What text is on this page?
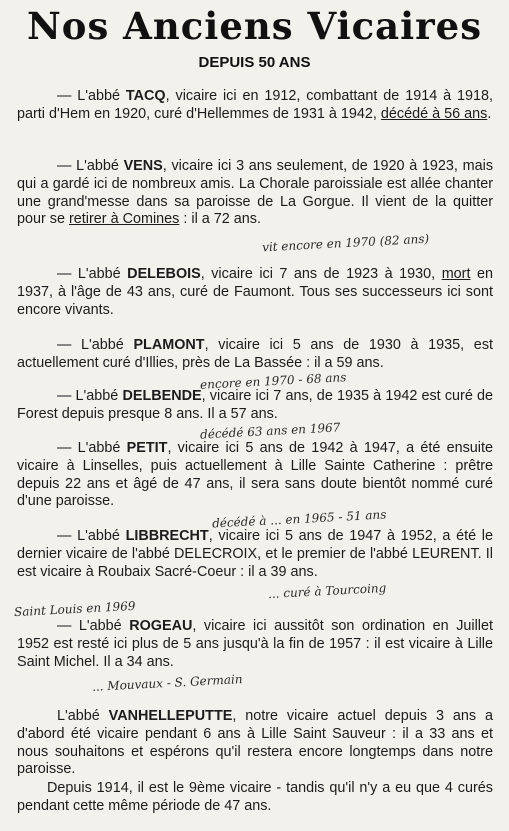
Nos Anciens Vicaires
DEPUIS 50 ANS
— L'abbé TACQ, vicaire ici en 1912, combattant de 1914 à 1918, parti d'Hem en 1920, curé d'Hellemmes de 1931 à 1942, décédé à 56 ans.
— L'abbé VENS, vicaire ici 3 ans seulement, de 1920 à 1923, mais qui a gardé ici de nombreux amis. La Chorale paroissiale est allée chanter une grand'messe dans sa paroisse de La Gorgue. Il vient de la quitter pour se retirer à Comines : il a 72 ans.
vit encore en 1970 (82 ans)
— L'abbé DELEBOIS, vicaire ici 7 ans de 1923 à 1930, mort en 1937, à l'âge de 43 ans, curé de Faumont. Tous ses successeurs ici sont encore vivants.
— L'abbé PLAMONT, vicaire ici 5 ans de 1930 à 1935, est actuellement curé d'Illies, près de La Bassée : il a 59 ans.
encore en 1970 - 68 ans
— L'abbé DELBENDE, vicaire ici 7 ans, de 1935 à 1942 est curé de Forest depuis presque 8 ans. Il a 57 ans.
décédé 63 ans en 1967
— L'abbé PETIT, vicaire ici 5 ans de 1942 à 1947, a été ensuite vicaire à Linselles, puis actuellement à Lille Sainte Catherine : prêtre depuis 22 ans et âgé de 47 ans, il sera sans doute bientôt nommé curé d'une paroisse.
décédé à ... en 1965 - 51 ans
— L'abbé LIBBRECHT, vicaire ici 5 ans de 1947 à 1952, a été le dernier vicaire de l'abbé DELECROIX, et le premier de l'abbé LEURENT. Il est vicaire à Roubaix Sacré-Coeur : il a 39 ans.
... curé à Tourcoing
Saint Louis en 1969
— L'abbé ROGEAU, vicaire ici aussitôt son ordination en Juillet 1952 est resté ici plus de 5 ans jusqu'à la fin de 1957 : il est vicaire à Lille Saint Michel. Il a 34 ans.
... Mouvaux - S. Germain
L'abbé VANHELLEPUTTE, notre vicaire actuel depuis 3 ans a d'abord été vicaire pendant 6 ans à Lille Saint Sauveur : il a 33 ans et nous souhaitons et espérons qu'il restera encore longtemps dans notre paroisse.
Depuis 1914, il est le 9ème vicaire - tandis qu'il n'y a eu que 4 curés pendant cette même période de 47 ans.
